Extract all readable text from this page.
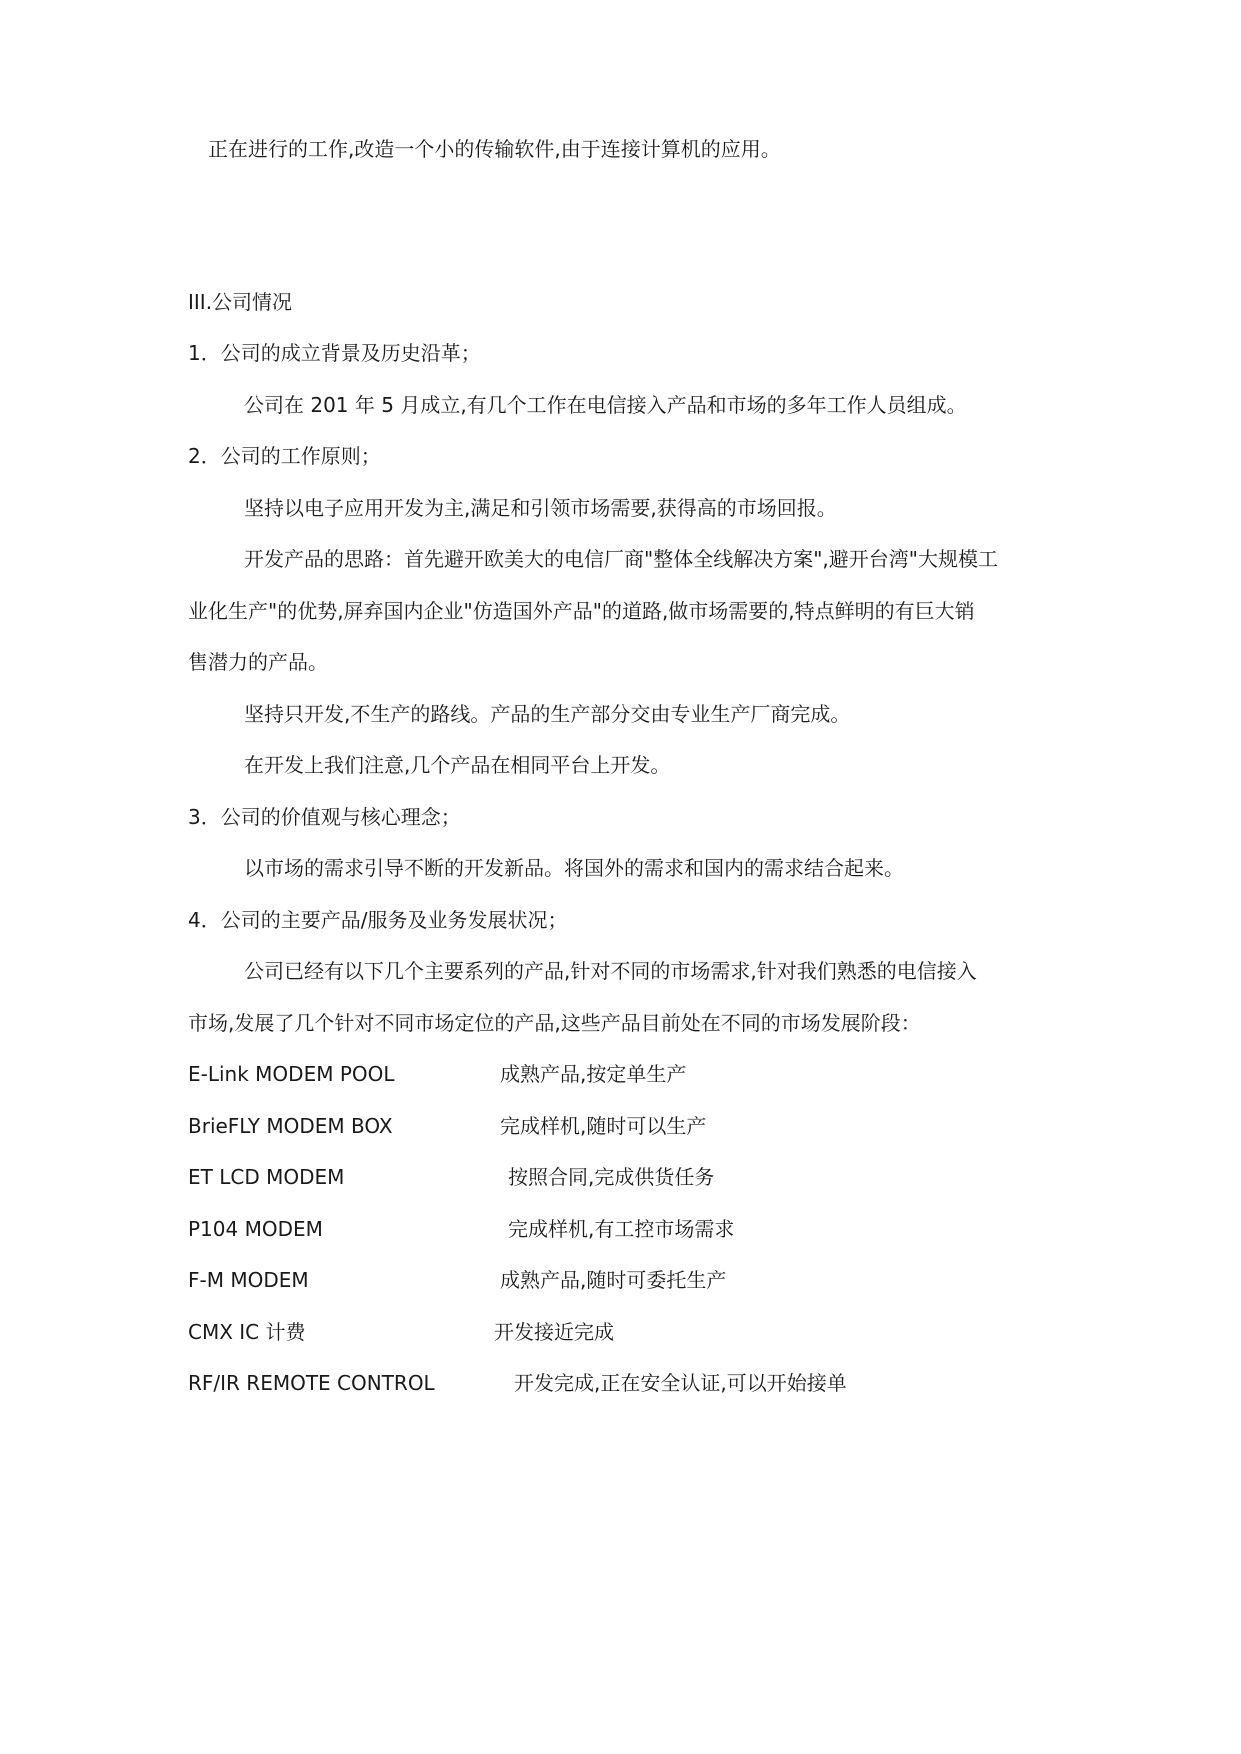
正在进行的工作,改造一个小的传输软件,由于连接计算机的应用。
III.公司情况
1．公司的成立背景及历史沿革；
公司在 201 年 5 月成立,有几个工作在电信接入产品和市场的多年工作人员组成。
2．公司的工作原则；
坚持以电子应用开发为主,满足和引领市场需要,获得高的市场回报。
开发产品的思路：首先避开欧美大的电信厂商"整体全线解决方案",避开台湾"大规模工
业化生产"的优势,屏弃国内企业"仿造国外产品"的道路,做市场需要的,特点鲜明的有巨大销
售潜力的产品。
坚持只开发,不生产的路线。产品的生产部分交由专业生产厂商完成。
在开发上我们注意,几个产品在相同平台上开发。
3．公司的价值观与核心理念；
以市场的需求引导不断的开发新品。将国外的需求和国内的需求结合起来。
4．公司的主要产品/服务及业务发展状况；
公司已经有以下几个主要系列的产品,针对不同的市场需求,针对我们熟悉的电信接入
市场,发展了几个针对不同市场定位的产品,这些产品目前处在不同的市场发展阶段：
E-Link MODEM POOL	成熟产品,按定单生产
BrieFLY MODEM BOX	完成样机,随时可以生产
ET LCD MODEM	按照合同,完成供货任务
P104 MODEM	完成样机,有工控市场需求
F-M MODEM	成熟产品,随时可委托生产
CMX IC 计费	开发接近完成
RF/IR REMOTE CONTROL	开发完成,正在安全认证,可以开始接单
